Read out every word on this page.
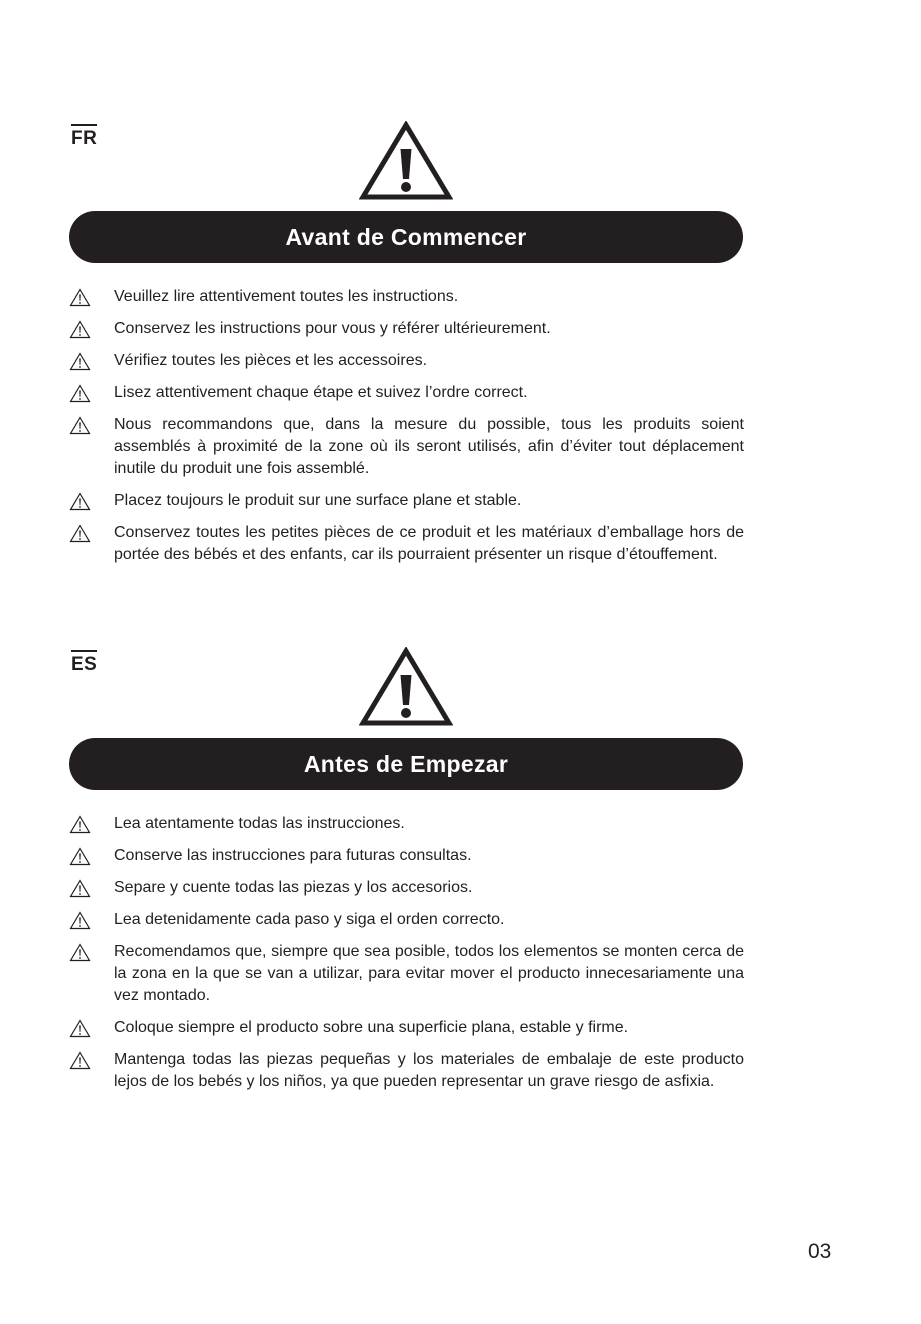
FR
Avant de Commencer
Veuillez lire attentivement toutes les instructions.
Conservez les instructions pour vous y référer ultérieurement.
Vérifiez toutes les pièces et les accessoires.
Lisez attentivement chaque étape et suivez l’ordre correct.
Nous recommandons que, dans la mesure du possible, tous les produits soient assemblés à proximité de la zone où ils seront utilisés, afin d’éviter tout déplacement inutile du produit une fois assemblé.
Placez toujours le produit sur une surface plane et stable.
Conservez toutes les petites pièces de ce produit et les matériaux d’emballage hors de portée des bébés et des enfants, car ils pourraient présenter un risque d’étouffement.
ES
Antes de Empezar
Lea atentamente todas las instrucciones.
Conserve las instrucciones para futuras consultas.
Separe y cuente todas las piezas y los accesorios.
Lea detenidamente cada paso y siga el orden correcto.
Recomendamos que, siempre que sea posible, todos los elementos se monten cerca de la zona en la que se van a utilizar, para evitar mover el producto innecesariamente una vez montado.
Coloque siempre el producto sobre una superficie plana, estable y firme.
Mantenga todas las piezas pequeñas y los materiales de embalaje de este producto lejos de los bebés y los niños, ya que pueden representar un grave riesgo de asfixia.
03
